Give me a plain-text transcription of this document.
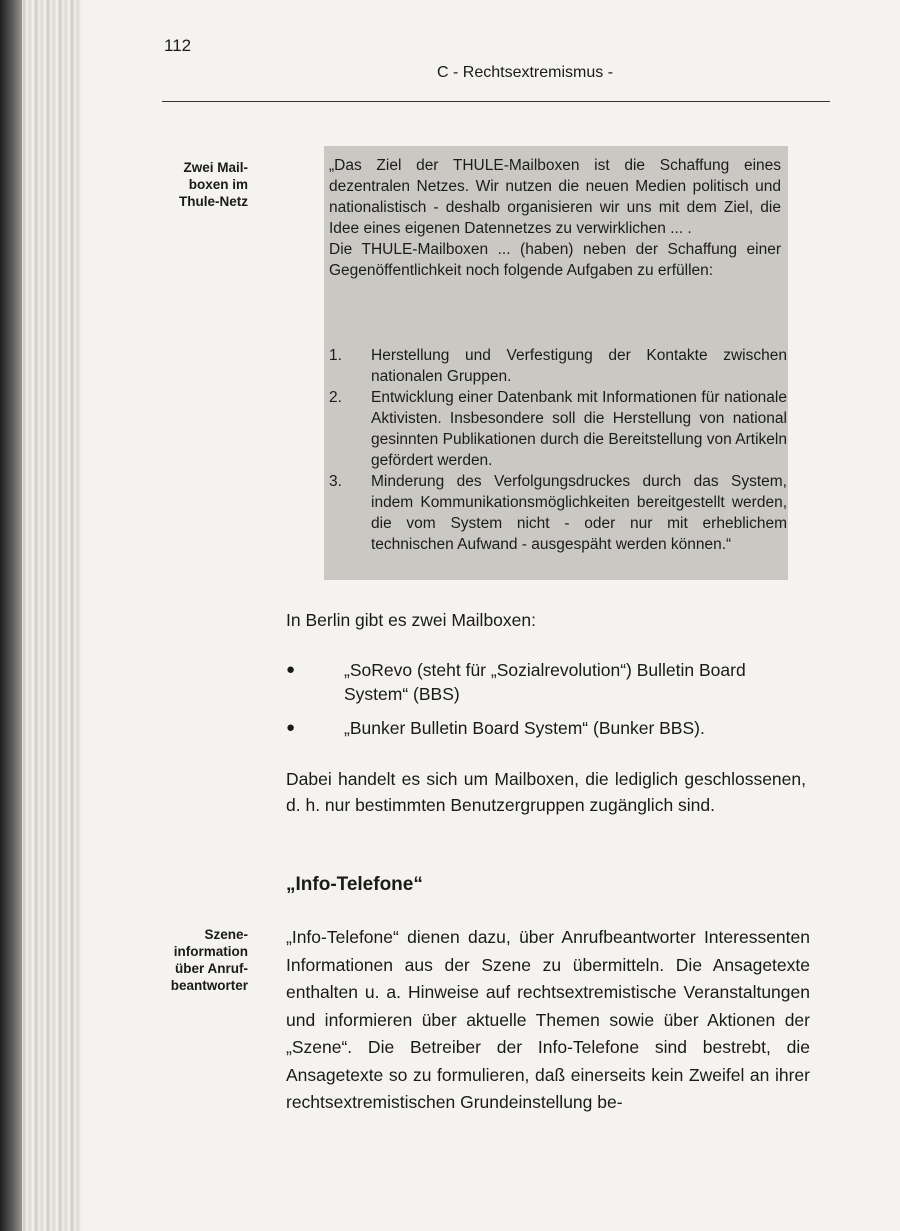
112
C - Rechtsextremismus -
Zwei Mail-
boxen im
Thule-Netz
„Das Ziel der THULE-Mailboxen ist die Schaffung eines dezentralen Netzes. Wir nutzen die neuen Medien politisch und nationalistisch - deshalb organisieren wir uns mit dem Ziel, die Idee eines eigenen Datennetzes zu verwirklichen ... .
Die THULE-Mailboxen ... (haben) neben der Schaffung einer Gegenöffentlichkeit noch folgende Aufgaben zu erfüllen:
1. Herstellung und Verfestigung der Kontakte zwischen nationalen Gruppen.
2. Entwicklung einer Datenbank mit Informationen für nationale Aktivisten. Insbesondere soll die Herstellung von national gesinnten Publikationen durch die Bereitstellung von Artikeln gefördert werden.
3. Minderung des Verfolgungsdruckes durch das System, indem Kommunikationsmöglichkeiten bereitgestellt werden, die vom System nicht - oder nur mit erheblichem technischen Aufwand - ausgespäht werden können.“
In Berlin gibt es zwei Mailboxen:
●	„SoRevo (steht für „Sozialrevolution“) Bulletin Board System“ (BBS)
●	„Bunker Bulletin Board System“ (Bunker BBS).
Dabei handelt es sich um Mailboxen, die lediglich geschlossenen, d. h. nur bestimmten Benutzergruppen zugänglich sind.
„Info-Telefone“
Szene-
information
über Anruf-
beantworter
„Info-Telefone“ dienen dazu, über Anrufbeantworter Interessenten Informationen aus der Szene zu übermitteln. Die Ansagetexte enthalten u. a. Hinweise auf rechtsextremistische Veranstaltungen und informieren über aktuelle Themen sowie über Aktionen der „Szene“. Die Betreiber der Info-Telefone sind bestrebt, die Ansagetexte so zu formulieren, daß einerseits kein Zweifel an ihrer rechtsextremistischen Grundeinstellung be-
